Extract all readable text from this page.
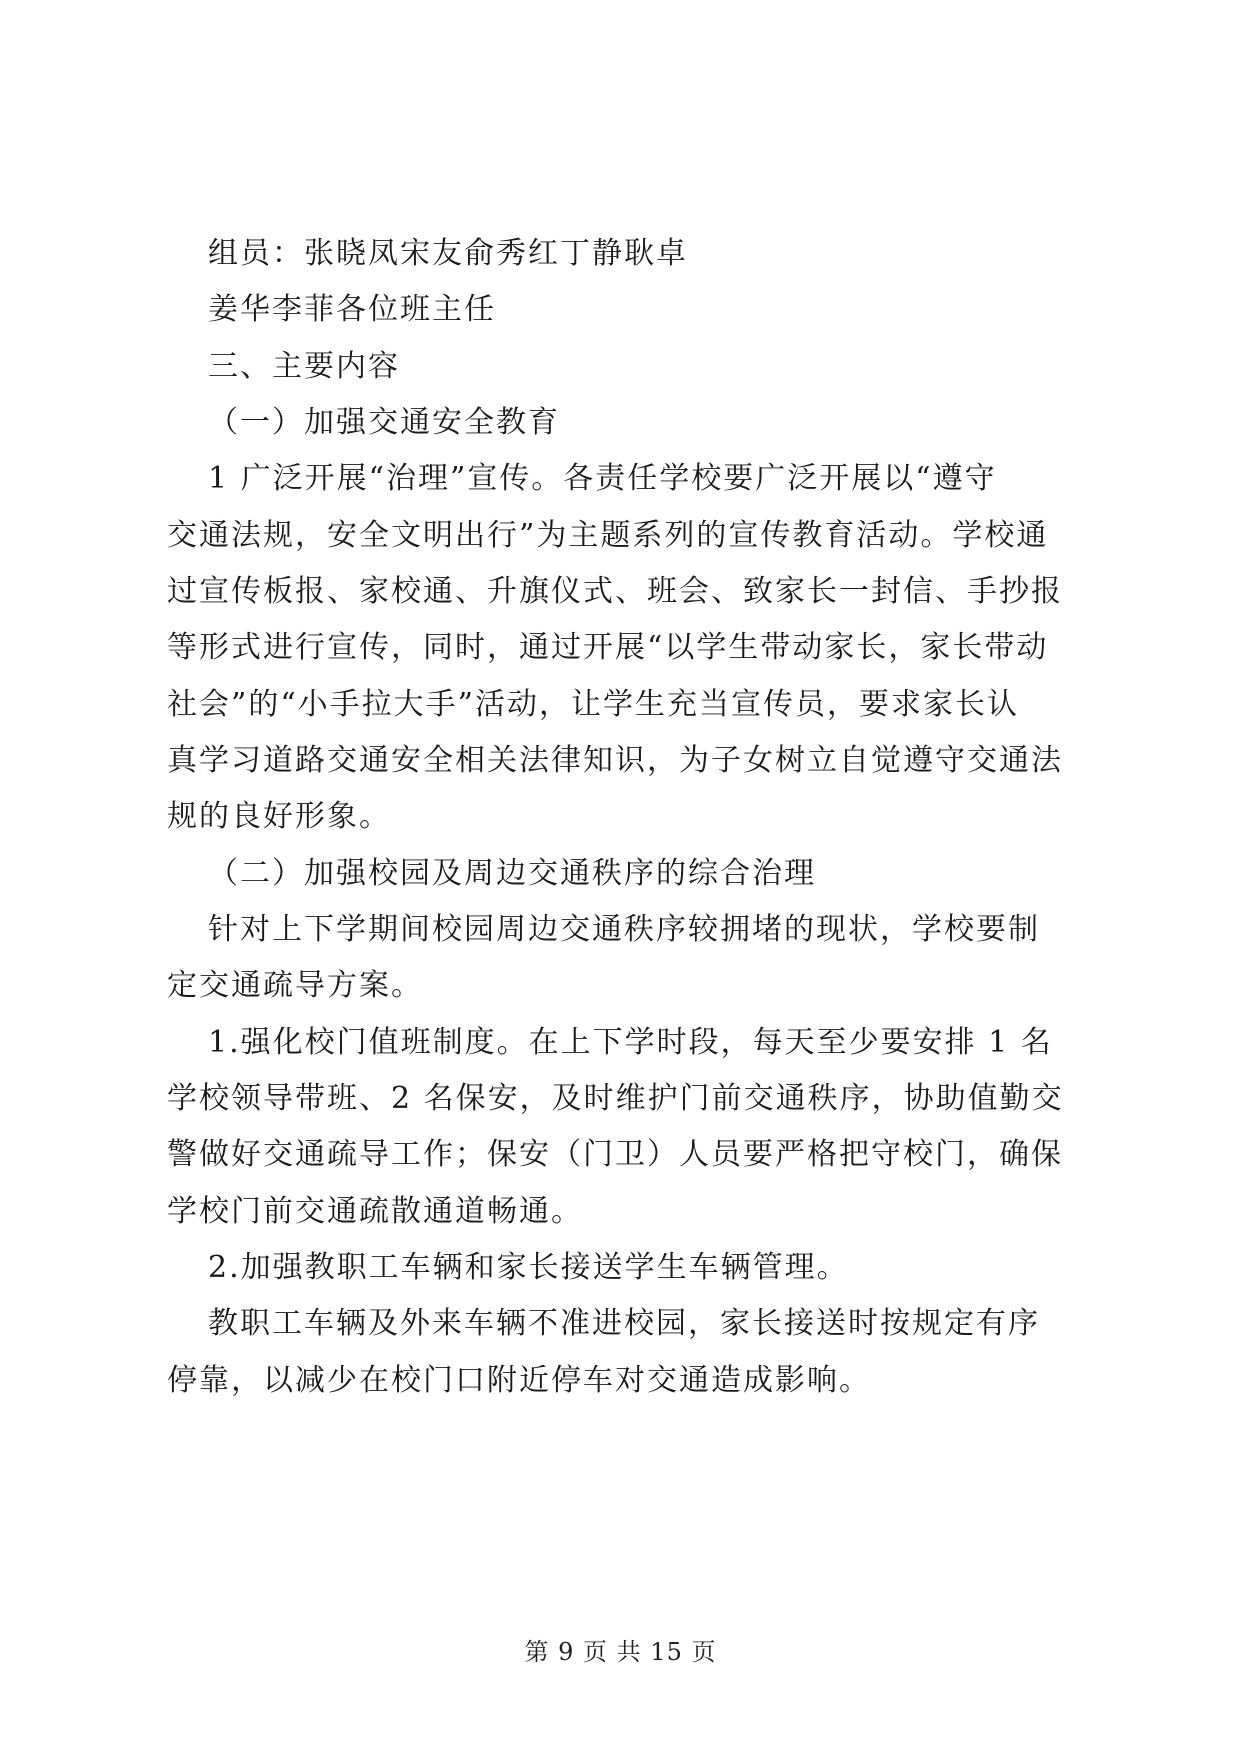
组员：张晓凤宋友俞秀红丁静耿卓
姜华李菲各位班主任
三、主要内容
（一）加强交通安全教育
1 广泛开展“治理”宣传。各责任学校要广泛开展以“遵守
交通法规，安全文明出行”为主题系列的宣传教育活动。学校通
过宣传板报、家校通、升旗仪式、班会、致家长一封信、手抄报
等形式进行宣传，同时，通过开展“以学生带动家长，家长带动
社会”的“小手拉大手”活动，让学生充当宣传员，要求家长认
真学习道路交通安全相关法律知识，为子女树立自觉遵守交通法
规的良好形象。
（二）加强校园及周边交通秩序的综合治理
针对上下学期间校园周边交通秩序较拥堵的现状，学校要制
定交通疏导方案。
1.强化校门值班制度。在上下学时段，每天至少要安排 1 名
学校领导带班、2 名保安，及时维护门前交通秩序，协助值勤交
警做好交通疏导工作；保安（门卫）人员要严格把守校门，确保
学校门前交通疏散通道畅通。
2.加强教职工车辆和家长接送学生车辆管理。
教职工车辆及外来车辆不准进校园，家长接送时按规定有序
停靠，以减少在校门口附近停车对交通造成影响。
第 9 页 共 15 页
